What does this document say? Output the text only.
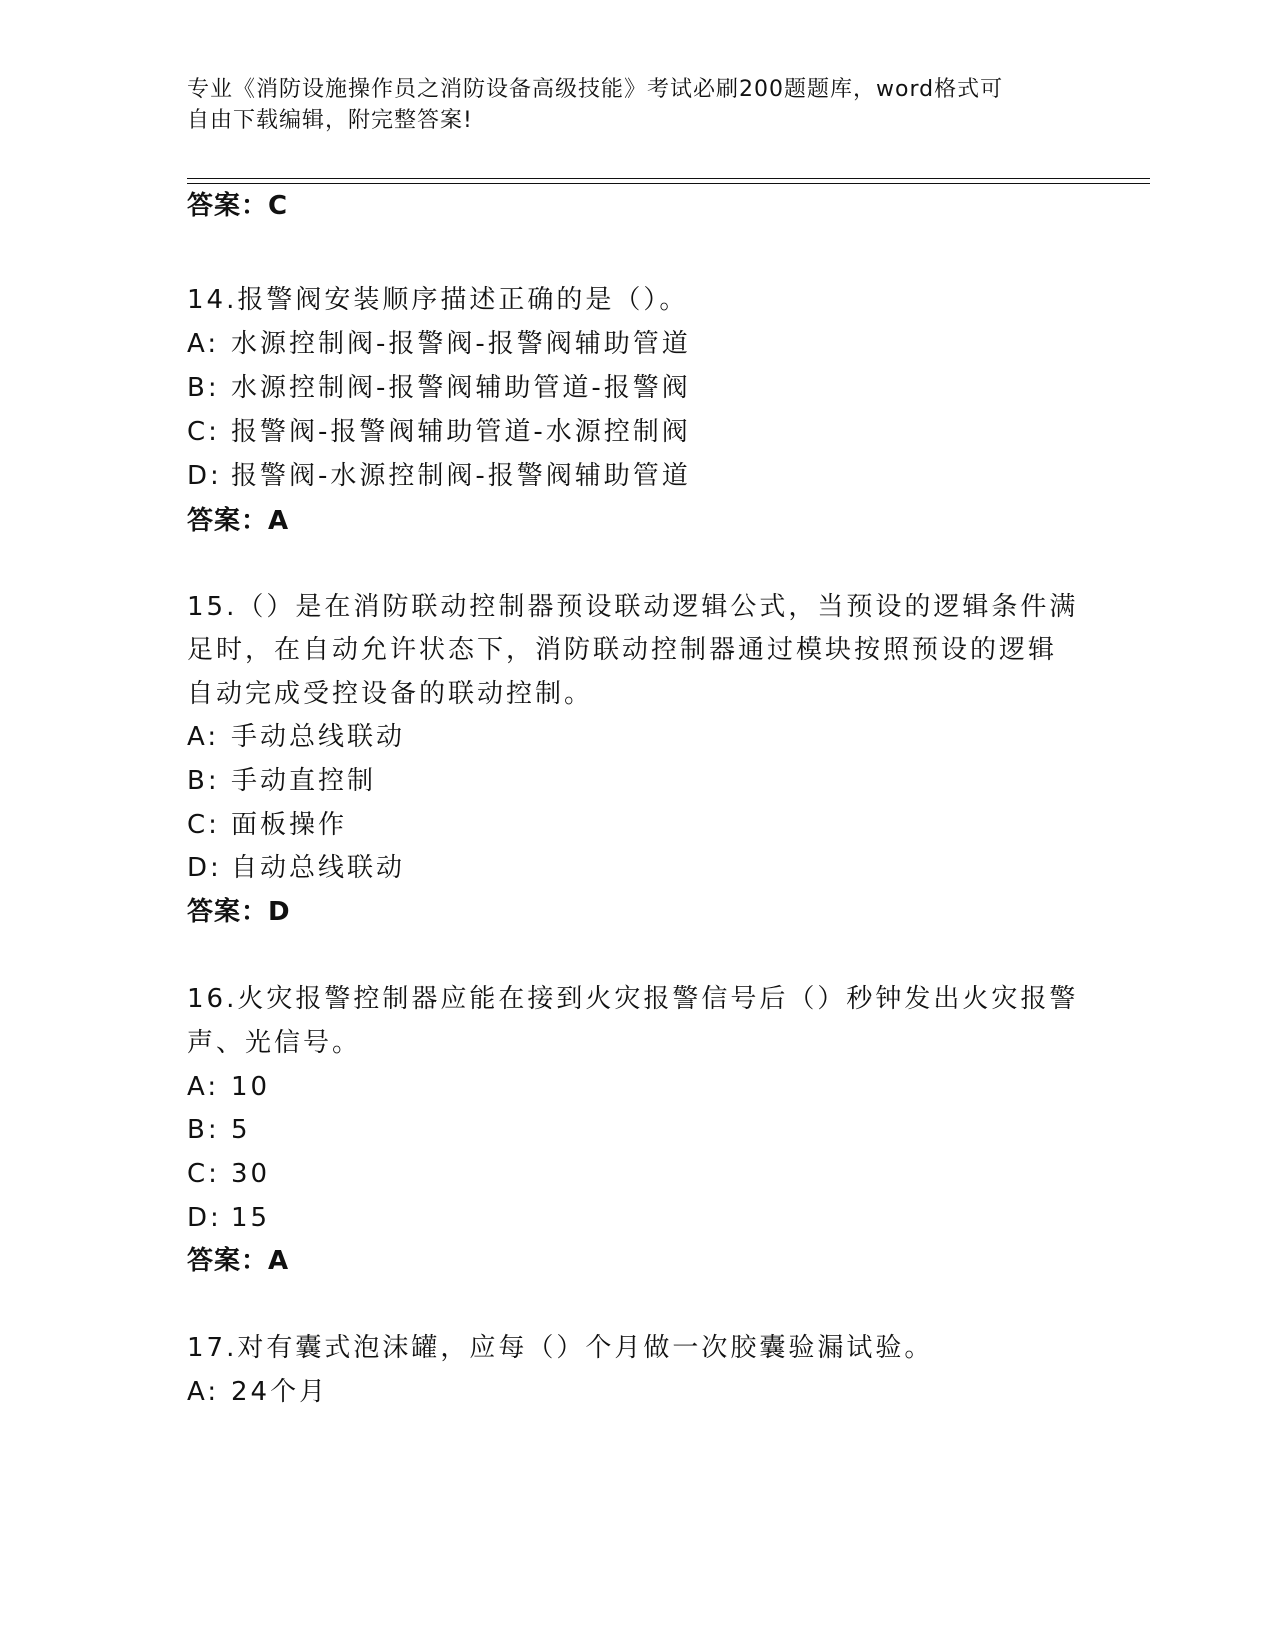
专业《消防设施操作员之消防设备高级技能》考试必刷200题题库，word格式可
自由下载编辑，附完整答案!
答案：C
14.报警阀安装顺序描述正确的是（）。
A: 水源控制阀-报警阀-报警阀辅助管道
B: 水源控制阀-报警阀辅助管道-报警阀
C: 报警阀-报警阀辅助管道-水源控制阀
D: 报警阀-水源控制阀-报警阀辅助管道
答案：A
15.（）是在消防联动控制器预设联动逻辑公式，当预设的逻辑条件满
足时，在自动允许状态下，消防联动控制器通过模块按照预设的逻辑
自动完成受控设备的联动控制。
A: 手动总线联动
B: 手动直控制
C: 面板操作
D: 自动总线联动
答案：D
16.火灾报警控制器应能在接到火灾报警信号后（）秒钟发出火灾报警
声、光信号。
A: 10
B: 5
C: 30
D: 15
答案：A
17.对有囊式泡沫罐，应每（）个月做一次胶囊验漏试验。
A: 24个月
